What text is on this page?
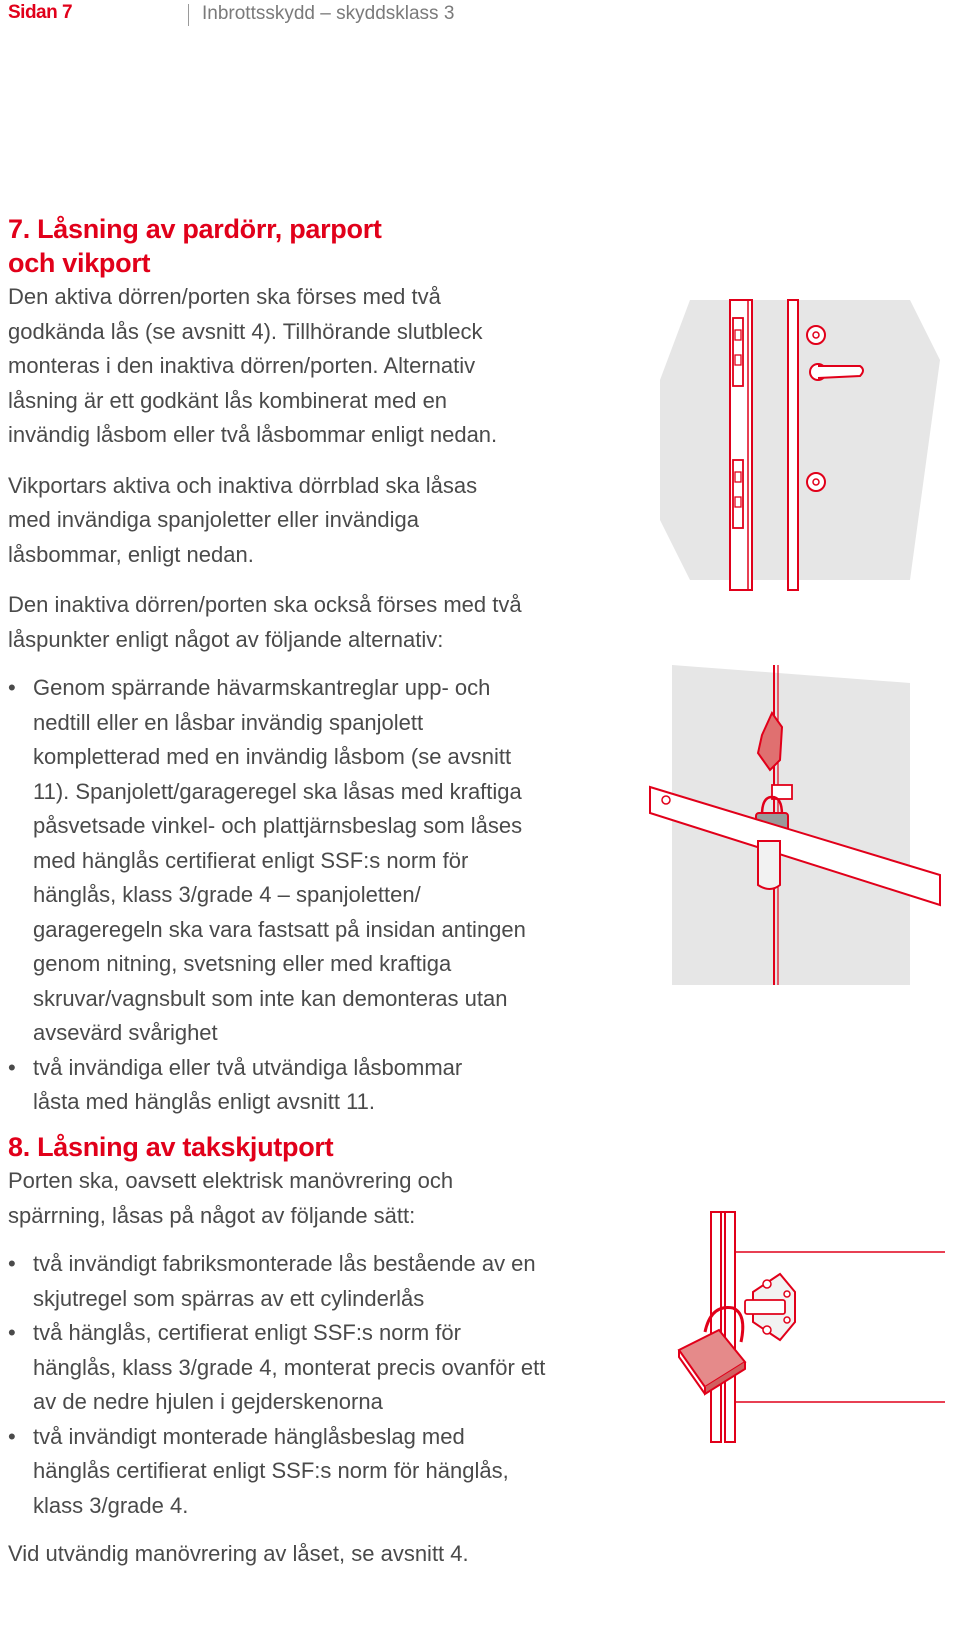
Sidan 7	Inbrottsskydd – skyddsklass 3
7. Låsning av pardörr, parport
och vikport

Den aktiva dörren/porten ska förses med två godkända lås (se avsnitt 4). Tillhörande slutbleck monteras i den inaktiva dörren/porten. Alternativ låsning är ett godkänt lås kombinerat med en invändig låsbom eller två låsbommar enligt nedan.

Vikportars aktiva och inaktiva dörrblad ska låsas med invändiga spanjoletter eller invändiga låsbommar, enligt nedan.

Den inaktiva dörren/porten ska också förses med två låspunkter enligt något av följande alternativ:

• Genom spärrande hävarmskantreglar upp- och nedtill eller en låsbar invändig spanjolett kompletterad med en invändig låsbom (se avsnitt 11). Spanjolett/garageregel ska låsas med kraftiga påsvetsade vinkel- och plattjärnsbeslag som låses med hänglås certifierat enligt SSF:s norm för hänglås, klass 3/grade 4 – spanjoletten/ garageregeln ska vara fastsatt på insidan antingen genom nitning, svetsning eller med kraftiga skruvar/vagnsbult som inte kan demonteras utan avsevärd svårighet
• två invändiga eller två utvändiga låsbommar låsta med hänglås enligt avsnitt 11.
8. Låsning av takskjutport

Porten ska, oavsett elektrisk manövrering och spärrning, låsas på något av följande sätt:

• två invändigt fabriksmonterade lås bestående av en skjutregel som spärras av ett cylinderlås
• två hänglås, certifierat enligt SSF:s norm för hänglås, klass 3/grade 4, monterat precis ovanför ett av de nedre hjulen i gejderskenorna
• två invändigt monterade hänglåsbeslag med hänglås certifierat enligt SSF:s norm för hänglås, klass 3/grade 4.

Vid utvändig manövrering av låset, se avsnitt 4.
